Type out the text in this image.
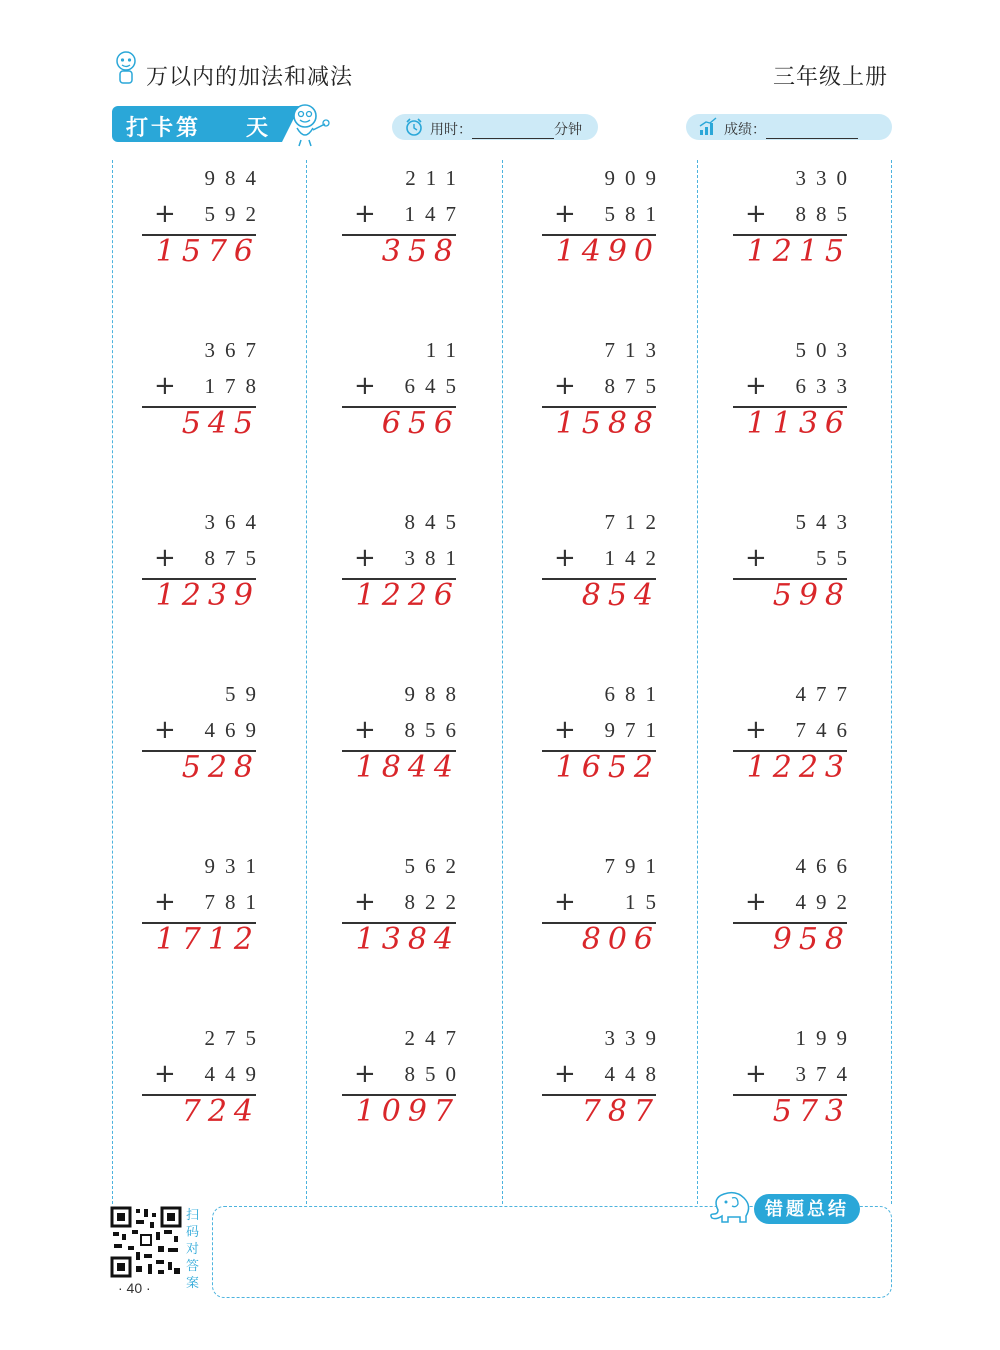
万以内的加法和减法	三年级上册
打卡第 天	用时：	分钟	成绩：
984
+ 592
1576
211
+ 147
358
909
+ 581
1490
330
+ 885
1215
367
+ 178
545
11
+ 645
656
713
+ 875
1588
503
+ 633
1136
364
+ 875
1239
845
+ 381
1226
712
+ 142
854
543
+ 55
598
59
+ 469
528
988
+ 856
1844
681
+ 971
1652
477
+ 746
1223
931
+ 781
1712
562
+ 822
1384
791
+ 15
806
466
+ 492
958
275
+ 449
724
247
+ 850
1097
339
+ 448
787
199
+ 374
573
扫码对答案
· 40 ·
错题总结
